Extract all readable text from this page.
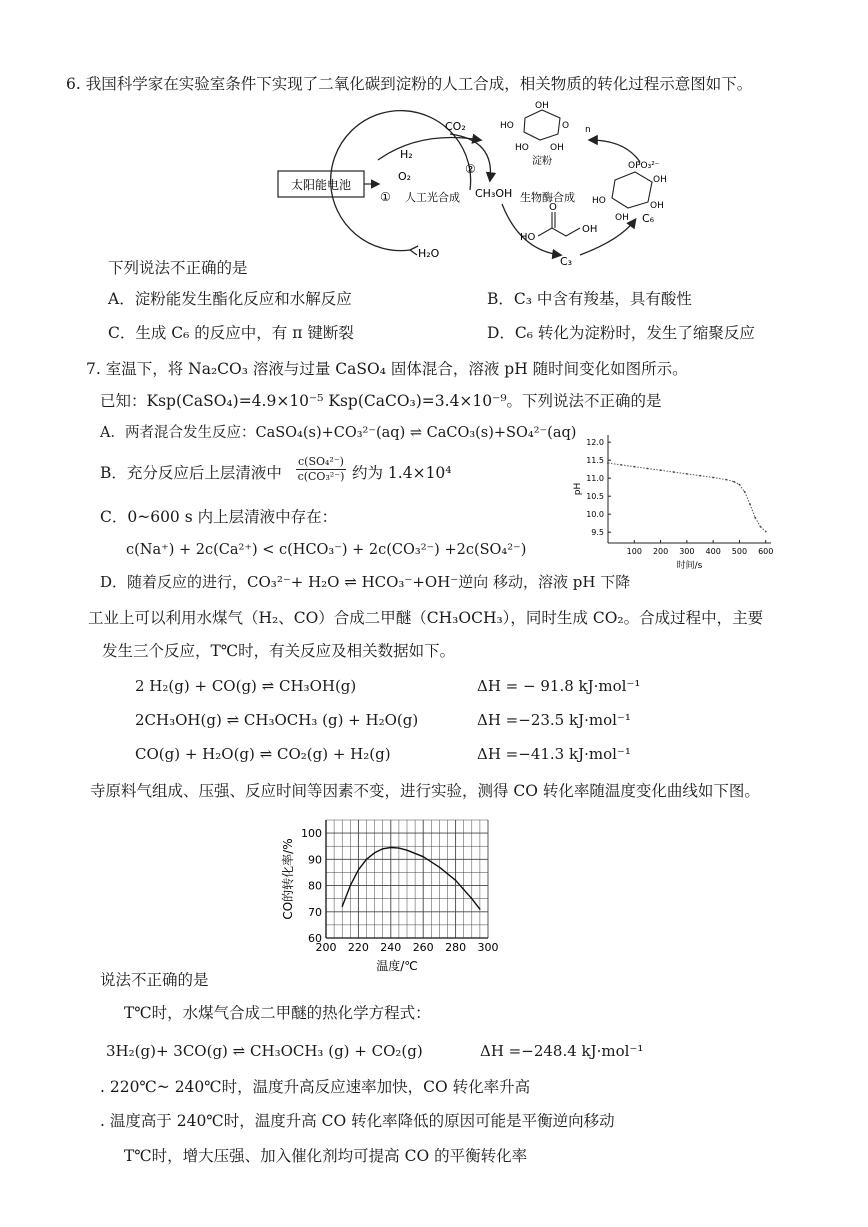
6. 我国科学家在实验室条件下实现了二氧化碳到淀粉的人工合成，相关物质的转化过程示意图如下。
太阳能电池
H₂
O₂
H₂O
① 人工光合成
CO₂
②
CH₃OH 生物酶合成
HO
O
OH
C₃
OPO₃²⁻
OH
HO
OH
OH
C₆
HO
OH
O n
HO OH
淀粉
下列说法不正确的是
A．淀粉能发生酯化反应和水解反应	B．C₃ 中含有羧基，具有酸性
C．生成 C₆ 的反应中，有 π 键断裂	D．C₆ 转化为淀粉时，发生了缩聚反应
7. 室温下，将 Na₂CO₃ 溶液与过量 CaSO₄ 固体混合，溶液 pH 随时间变化如图所示。
已知：Ksp(CaSO₄)=4.9×10⁻⁵ Ksp(CaCO₃)=3.4×10⁻⁹。下列说法不正确的是
A．两者混合发生反应：CaSO₄(s)+CO₃²⁻(aq) ⇌ CaCO₃(s)+SO₄²⁻(aq)
B．充分反应后上层清液中 $\frac{\text{c(SO₄²⁻)}}{\text{c(CO₃²⁻)}}$ 约为 1.4×10⁴
C．0~600 s 内上层清液中存在：
c(Na⁺) + 2c(Ca²⁺) < c(HCO₃⁻) + 2c(CO₃²⁻) +2c(SO₄²⁻)
D．随着反应的进行，CO₃²⁻+ H₂O ⇌ HCO₃⁻+OH⁻逆向 移动，溶液 pH 下降
9.5
10.0
10.5
11.0
11.5
12.0
100 200 300 400 500 600
pH
时间/s
工业上可以利用水煤气（H₂、CO）合成二甲醚（CH₃OCH₃），同时生成 CO₂。合成过程中，主要
发生三个反应，T℃时，有关反应及相关数据如下。
2 H₂(g) + CO(g) ⇌ CH₃OH(g)	ΔH = − 91.8 kJ·mol⁻¹
2CH₃OH(g) ⇌ CH₃OCH₃ (g) + H₂O(g)	ΔH =−23.5 kJ·mol⁻¹
CO(g) + H₂O(g) ⇌ CO₂(g) + H₂(g)	ΔH =−41.3 kJ·mol⁻¹
寺原料气组成、压强、反应时间等因素不变，进行实验，测得 CO 转化率随温度变化曲线如下图。
60
70
80
90
100
200 220 240 260 280 300
CO的转化率/%
温度/℃
说法不正确的是
T℃时，水煤气合成二甲醚的热化学方程式：
3H₂(g)+ 3CO(g) ⇌ CH₃OCH₃ (g) + CO₂(g)	ΔH =−248.4 kJ·mol⁻¹
. 220℃~ 240℃时，温度升高反应速率加快，CO 转化率升高
. 温度高于 240℃时，温度升高 CO 转化率降低的原因可能是平衡逆向移动
T℃时，增大压强、加入催化剂均可提高 CO 的平衡转化率
